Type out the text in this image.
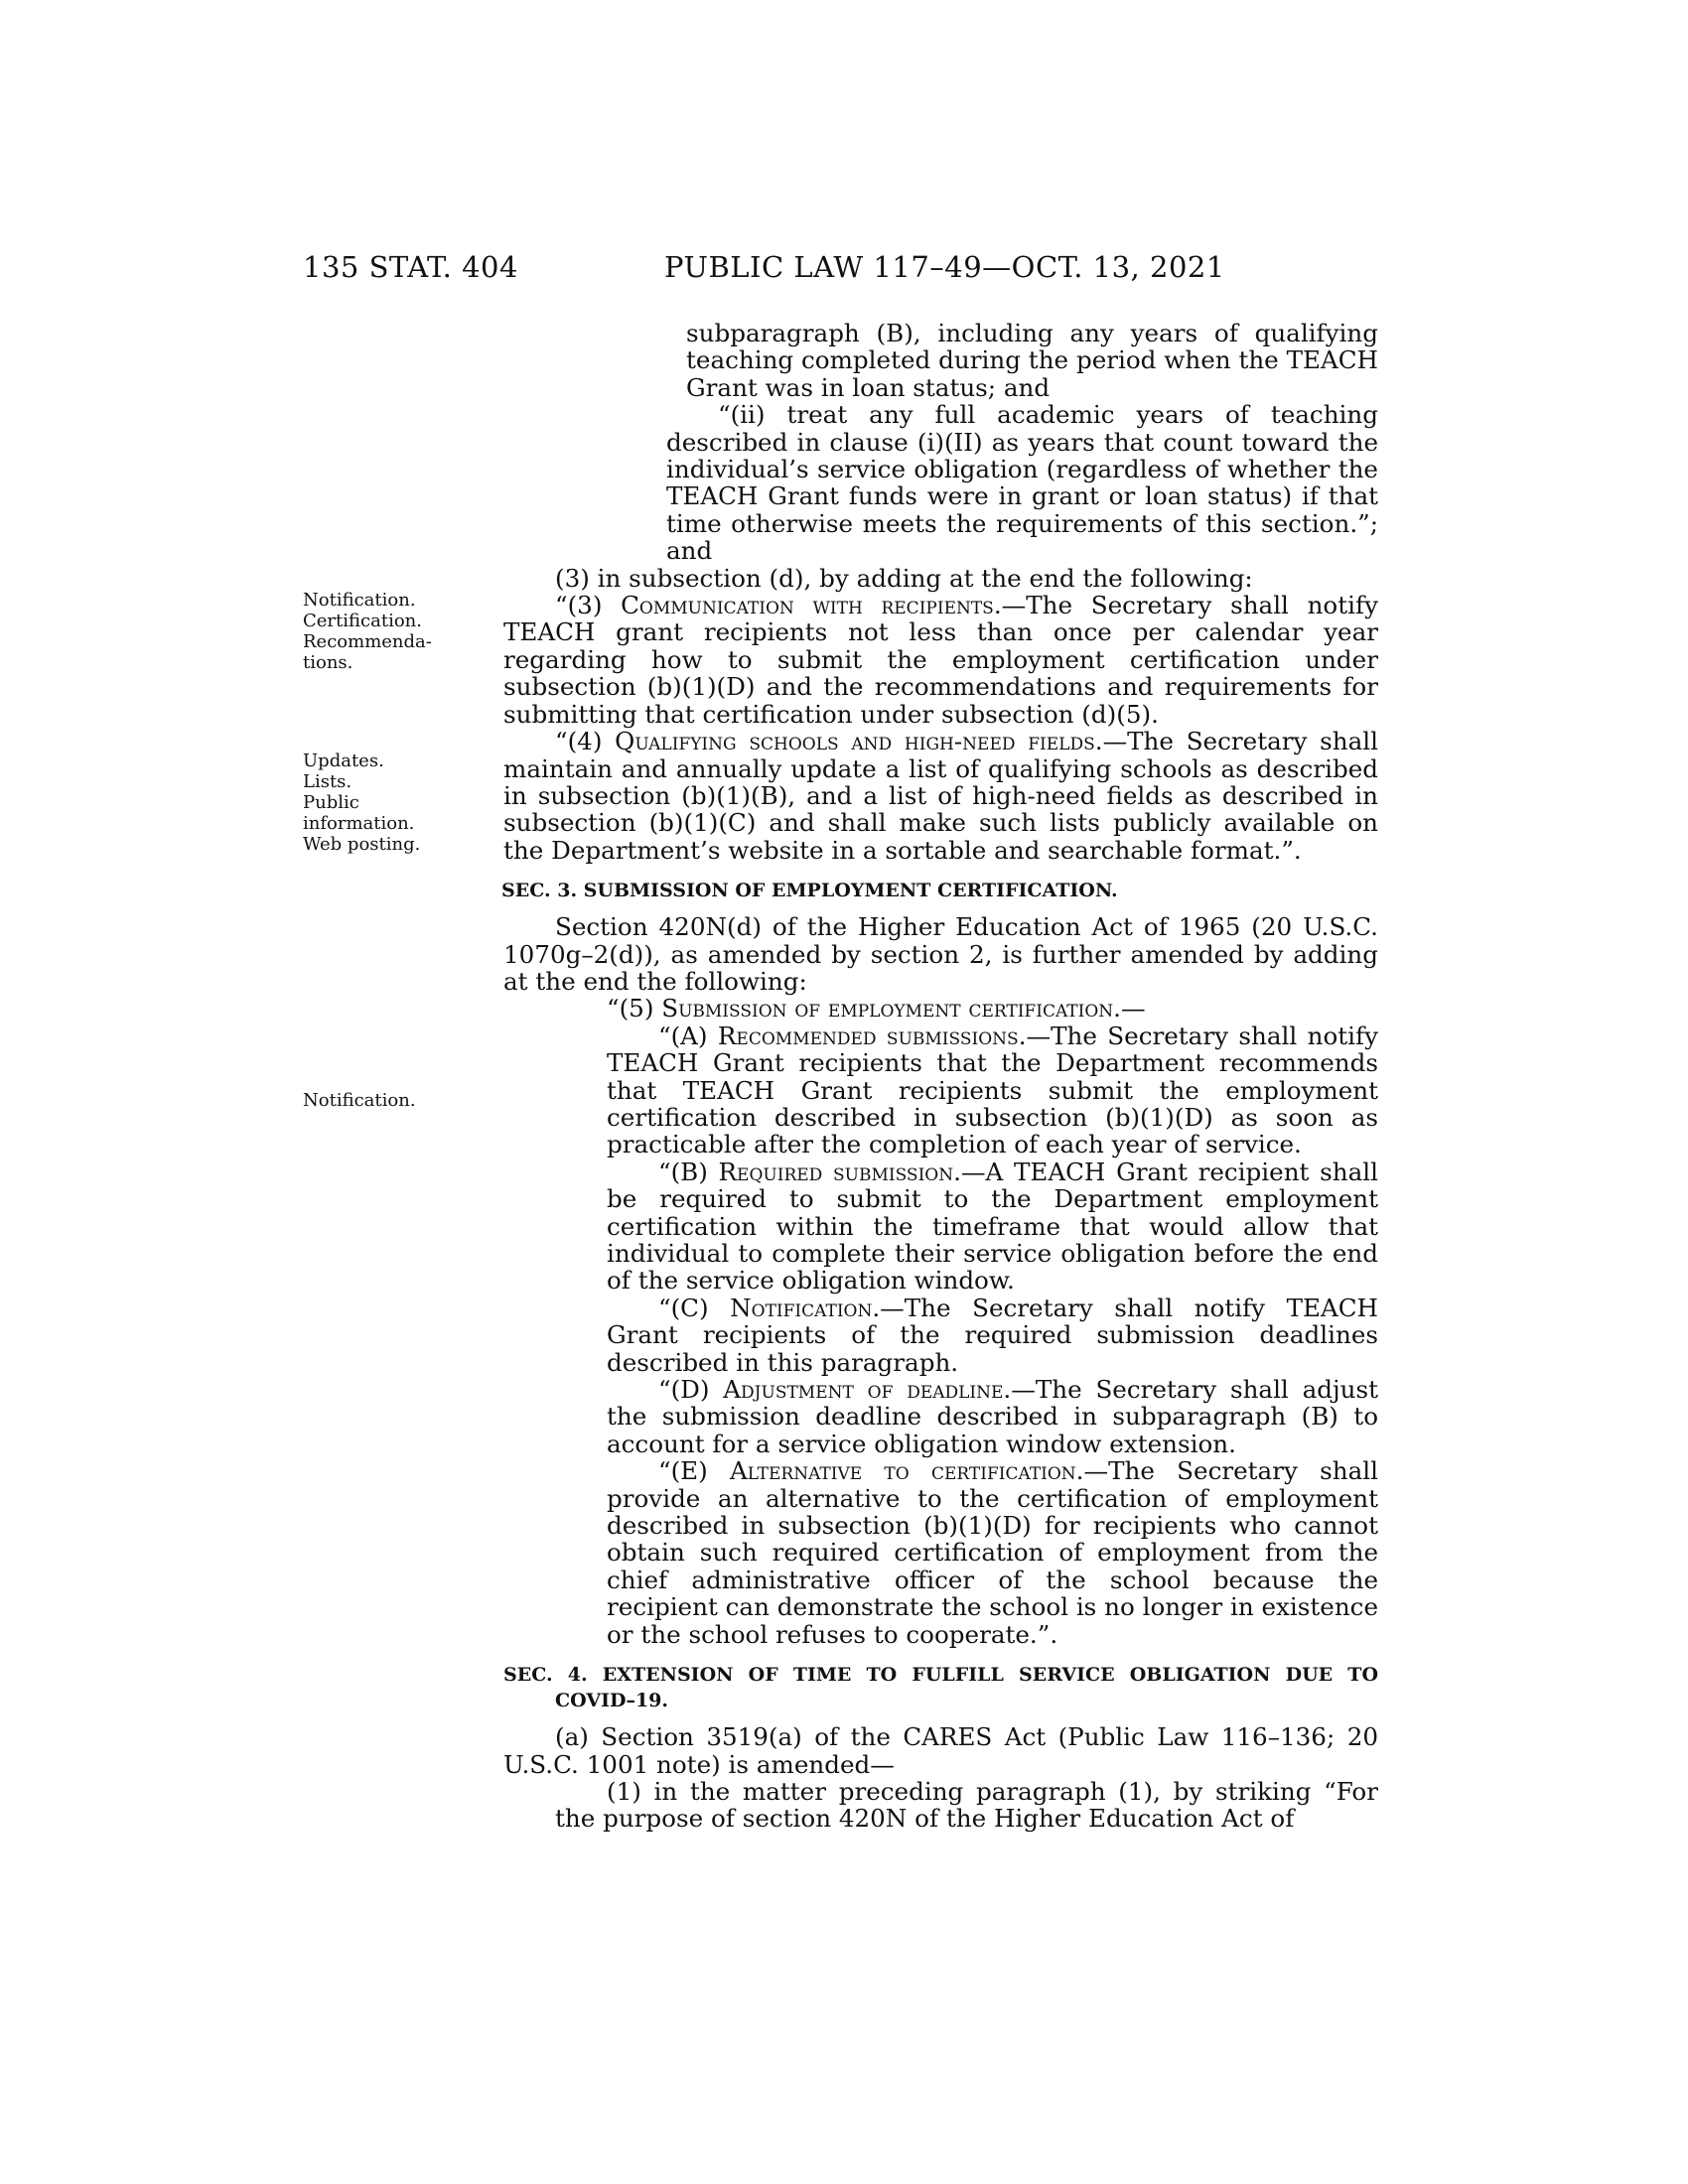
135 STAT. 404	PUBLIC LAW 117–49—OCT. 13, 2021
Notification.
Certification.
Recommenda-
tions.
Updates.
Lists.
Public
information.
Web posting.
Notification.

subparagraph (B), including any years of qualifying teaching completed during the period when the TEACH Grant was in loan status; and

“(ii) treat any full academic years of teaching described in clause (i)(II) as years that count toward the individual’s service obligation (regardless of whether the TEACH Grant funds were in grant or loan status) if that time otherwise meets the requirements of this section.”; and

(3) in subsection (d), by adding at the end the following:

“(3) Communication with recipients.—The Secretary shall notify TEACH grant recipients not less than once per calendar year regarding how to submit the employment certification under subsection (b)(1)(D) and the recommendations and requirements for submitting that certification under subsection (d)(5).

“(4) Qualifying schools and high-need fields.—The Secretary shall maintain and annually update a list of qualifying schools as described in subsection (b)(1)(B), and a list of high-need fields as described in subsection (b)(1)(C) and shall make such lists publicly available on the Department’s website in a sortable and searchable format.”.

SEC. 3. SUBMISSION OF EMPLOYMENT CERTIFICATION.

Section 420N(d) of the Higher Education Act of 1965 (20 U.S.C. 1070g–2(d)), as amended by section 2, is further amended by adding at the end the following:

“(5) Submission of employment certification.—

“(A) Recommended submissions.—The Secretary shall notify TEACH Grant recipients that the Department recommends that TEACH Grant recipients submit the employment certification described in subsection (b)(1)(D) as soon as practicable after the completion of each year of service.

“(B) Required submission.—A TEACH Grant recipient shall be required to submit to the Department employment certification within the timeframe that would allow that individual to complete their service obligation before the end of the service obligation window.

“(C) Notification.—The Secretary shall notify TEACH Grant recipients of the required submission deadlines described in this paragraph.

“(D) Adjustment of deadline.—The Secretary shall adjust the submission deadline described in subparagraph (B) to account for a service obligation window extension.

“(E) Alternative to certification.—The Secretary shall provide an alternative to the certification of employment described in subsection (b)(1)(D) for recipients who cannot obtain such required certification of employment from the chief administrative officer of the school because the recipient can demonstrate the school is no longer in existence or the school refuses to cooperate.”.

SEC. 4. EXTENSION OF TIME TO FULFILL SERVICE OBLIGATION DUE TO COVID–19.

(a) Section 3519(a) of the CARES Act (Public Law 116–136; 20 U.S.C. 1001 note) is amended—

(1) in the matter preceding paragraph (1), by striking “For the purpose of section 420N of the Higher Education Act of
